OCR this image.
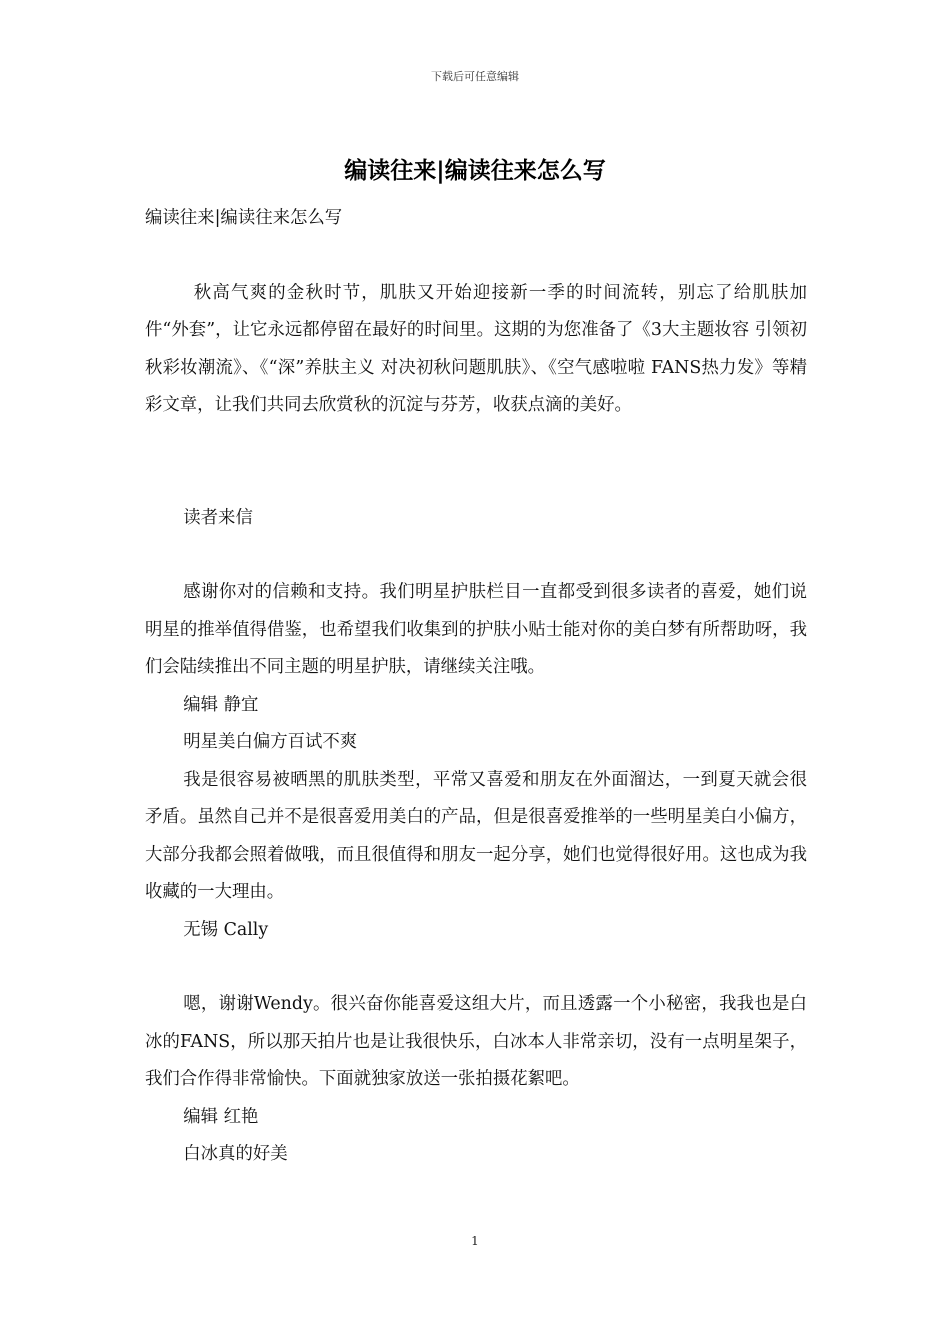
下载后可任意编辑
编读往来|编读往来怎么写

编读往来|编读往来怎么写

秋高气爽的金秋时节，肌肤又开始迎接新一季的时间流转，别忘了给肌肤加件“外套”，让它永远都停留在最好的时间里。这期的为您准备了《3大主题妆容 引领初秋彩妆潮流》、《“深”养肤主义 对决初秋问题肌肤》、《空气感啦啦 FANS热力发》等精彩文章，让我们共同去欣赏秋的沉淀与芬芳，收获点滴的美好。

读者来信

感谢你对的信赖和支持。我们明星护肤栏目一直都受到很多读者的喜爱，她们说明星的推举值得借鉴，也希望我们收集到的护肤小贴士能对你的美白梦有所帮助呀，我们会陆续推出不同主题的明星护肤，请继续关注哦。

编辑 静宜

明星美白偏方百试不爽

我是很容易被晒黑的肌肤类型，平常又喜爱和朋友在外面溜达，一到夏天就会很矛盾。虽然自己并不是很喜爱用美白的产品，但是很喜爱推举的一些明星美白小偏方，大部分我都会照着做哦，而且很值得和朋友一起分享，她们也觉得很好用。这也成为我收藏的一大理由。

无锡 Cally

嗯，谢谢Wendy。很兴奋你能喜爱这组大片，而且透露一个小秘密，我我也是白冰的FANS，所以那天拍片也是让我很快乐，白冰本人非常亲切，没有一点明星架子，我们合作得非常愉快。下面就独家放送一张拍摄花絮吧。

编辑 红艳

白冰真的好美

1
